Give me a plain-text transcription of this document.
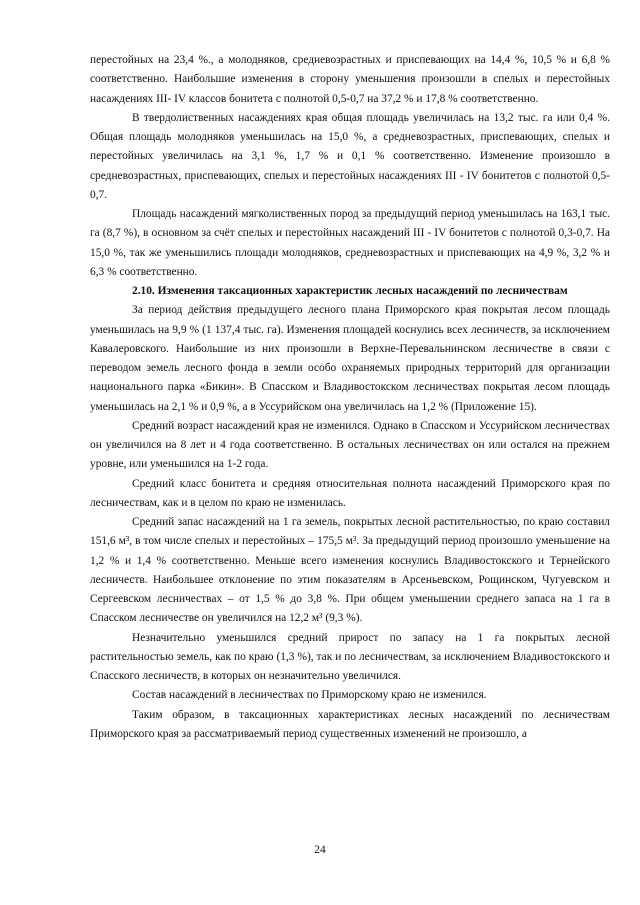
перестойных на 23,4 %., а молодняков, средневозрастных и приспевающих на 14,4 %, 10,5 % и 6,8 % соответственно. Наибольшие изменения в сторону уменьшения произошли в спелых и перестойных насаждениях III- IV классов бонитета с полнотой 0,5-0,7 на 37,2 % и 17,8 % соответственно.

В твердолиственных насаждениях края общая площадь увеличилась на 13,2 тыс. га или 0,4 %. Общая площадь молодняков уменьшилась на 15,0 %, а средневозрастных, приспевающих, спелых и перестойных увеличилась на 3,1 %, 1,7 % и 0,1 % соответственно. Изменение произошло в средневозрастных, приспевающих, спелых и перестойных насаждениях III - IV бонитетов с полнотой 0,5-0,7.

Площадь насаждений мягколиственных пород за предыдущий период уменьшилась на 163,1 тыс. га (8,7 %), в основном за счёт спелых и перестойных насаждений III - IV бонитетов с полнотой 0,3-0,7. На 15,0 %, так же уменьшились площади молодняков, средневозрастных и приспевающих на 4,9 %, 3,2 % и 6,3 % соответственно.

2.10. Изменения таксационных характеристик лесных насаждений по лесничествам

За период действия предыдущего лесного плана Приморского края покрытая лесом площадь уменьшилась на 9,9 % (1 137,4 тыс. га). Изменения площадей коснулись всех лесничеств, за исключением Кавалеровского. Наибольшие из них произошли в Верхне-Перевальнинском лесничестве в связи с переводом земель лесного фонда в земли особо охраняемых природных территорий для организации национального парка «Бикин». В Спасском и Владивостокском лесничествах покрытая лесом площадь уменьшилась на 2,1 % и 0,9 %, а в Уссурийском она увеличилась на 1,2 % (Приложение 15).

Средний возраст насаждений края не изменился. Однако в Спасском и Уссурийском лесничествах он увеличился на 8 лет и 4 года соответственно. В остальных лесничествах он или остался на прежнем уровне, или уменьшился на 1-2 года.

Средний класс бонитета и средняя относительная полнота насаждений Приморского края по лесничествам, как и в целом по краю не изменилась.

Средний запас насаждений на 1 га земель, покрытых лесной растительностью, по краю составил 151,6 м³, в том числе спелых и перестойных – 175,5 м³. За предыдущий период произошло уменьшение на 1,2 % и 1,4 % соответственно. Меньше всего изменения коснулись Владивостокского и Тернейского лесничеств. Наибольшее отклонение по этим показателям в Арсеньевском, Рощинском, Чугуевском и Сергеевском лесничествах – от 1,5 % до 3,8 %. При общем уменьшении среднего запаса на 1 га в Спасском лесничестве он увеличился на 12,2 м³ (9,3 %).

Незначительно уменьшился средний прирост по запасу на 1 га покрытых лесной растительностью земель, как по краю (1,3 %), так и по лесничествам, за исключением Владивостокского и Спасского лесничеств, в которых он незначительно увеличился.

Состав насаждений в лесничествах по Приморскому краю не изменился.

Таким образом, в таксационных характеристиках лесных насаждений по лесничествам Приморского края за рассматриваемый период существенных изменений не произошло, а

24
